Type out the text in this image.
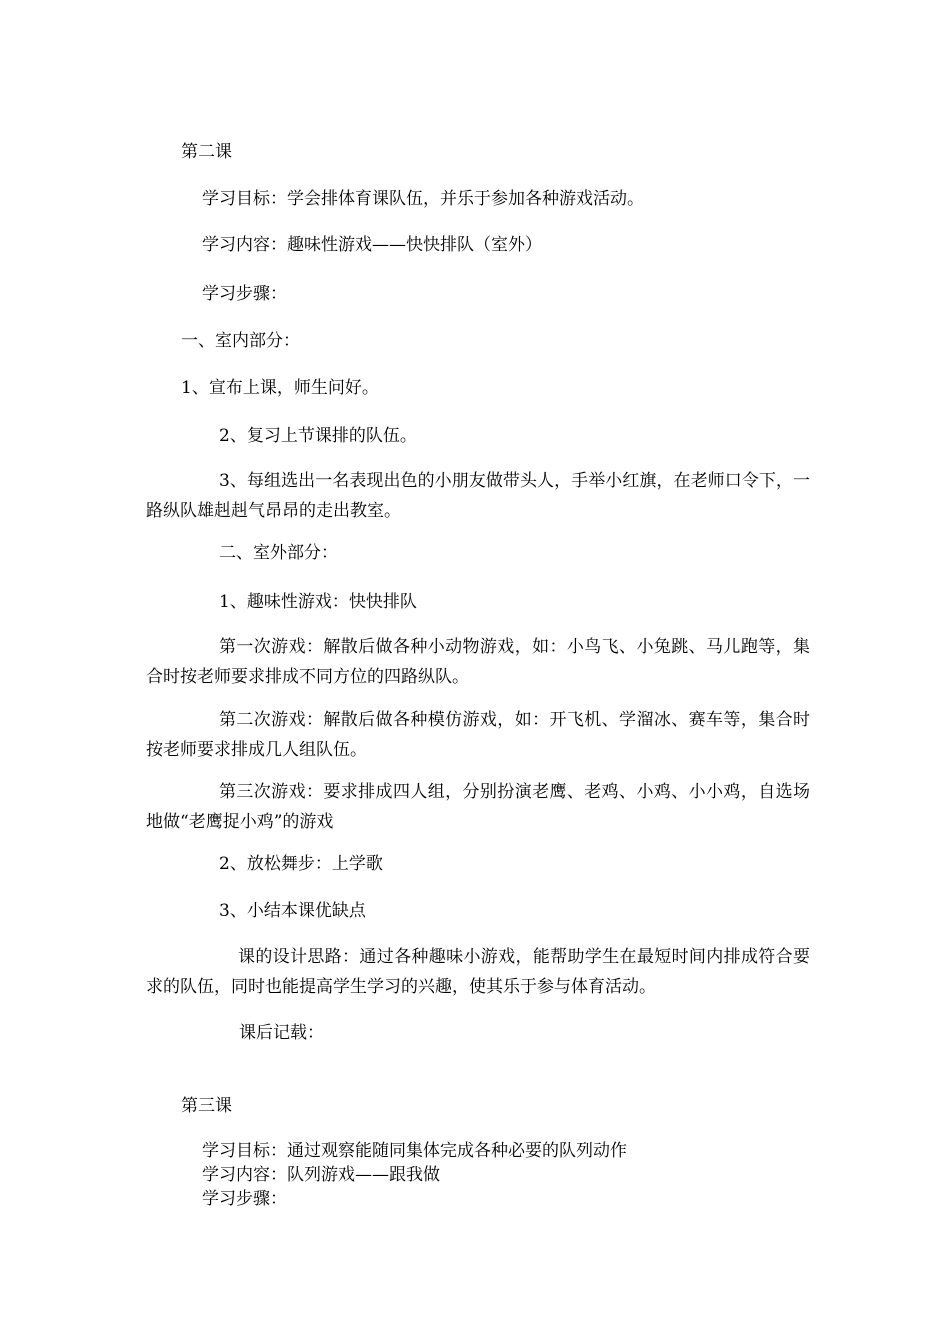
第二课
学习目标：学会排体育课队伍，并乐于参加各种游戏活动。
学习内容：趣味性游戏——快快排队（室外）
学习步骤：
一、室内部分：
1、宣布上课，师生问好。
2、复习上节课排的队伍。
3、每组选出一名表现出色的小朋友做带头人，手举小红旗，在老师口令下，一路纵队雄赳赳气昂昂的走出教室。
二、室外部分：
1、趣味性游戏：快快排队
第一次游戏：解散后做各种小动物游戏，如：小鸟飞、小兔跳、马儿跑等，集合时按老师要求排成不同方位的四路纵队。
第二次游戏：解散后做各种模仿游戏，如：开飞机、学溜冰、赛车等，集合时按老师要求排成几人组队伍。
第三次游戏：要求排成四人组，分别扮演老鹰、老鸡、小鸡、小小鸡，自选场地做“老鹰捉小鸡”的游戏
2、放松舞步：上学歌
3、小结本课优缺点
课的设计思路：通过各种趣味小游戏，能帮助学生在最短时间内排成符合要求的队伍，同时也能提高学生学习的兴趣，使其乐于参与体育活动。
课后记载：
第三课
学习目标：通过观察能随同集体完成各种必要的队列动作
学习内容：队列游戏——跟我做
学习步骤：
